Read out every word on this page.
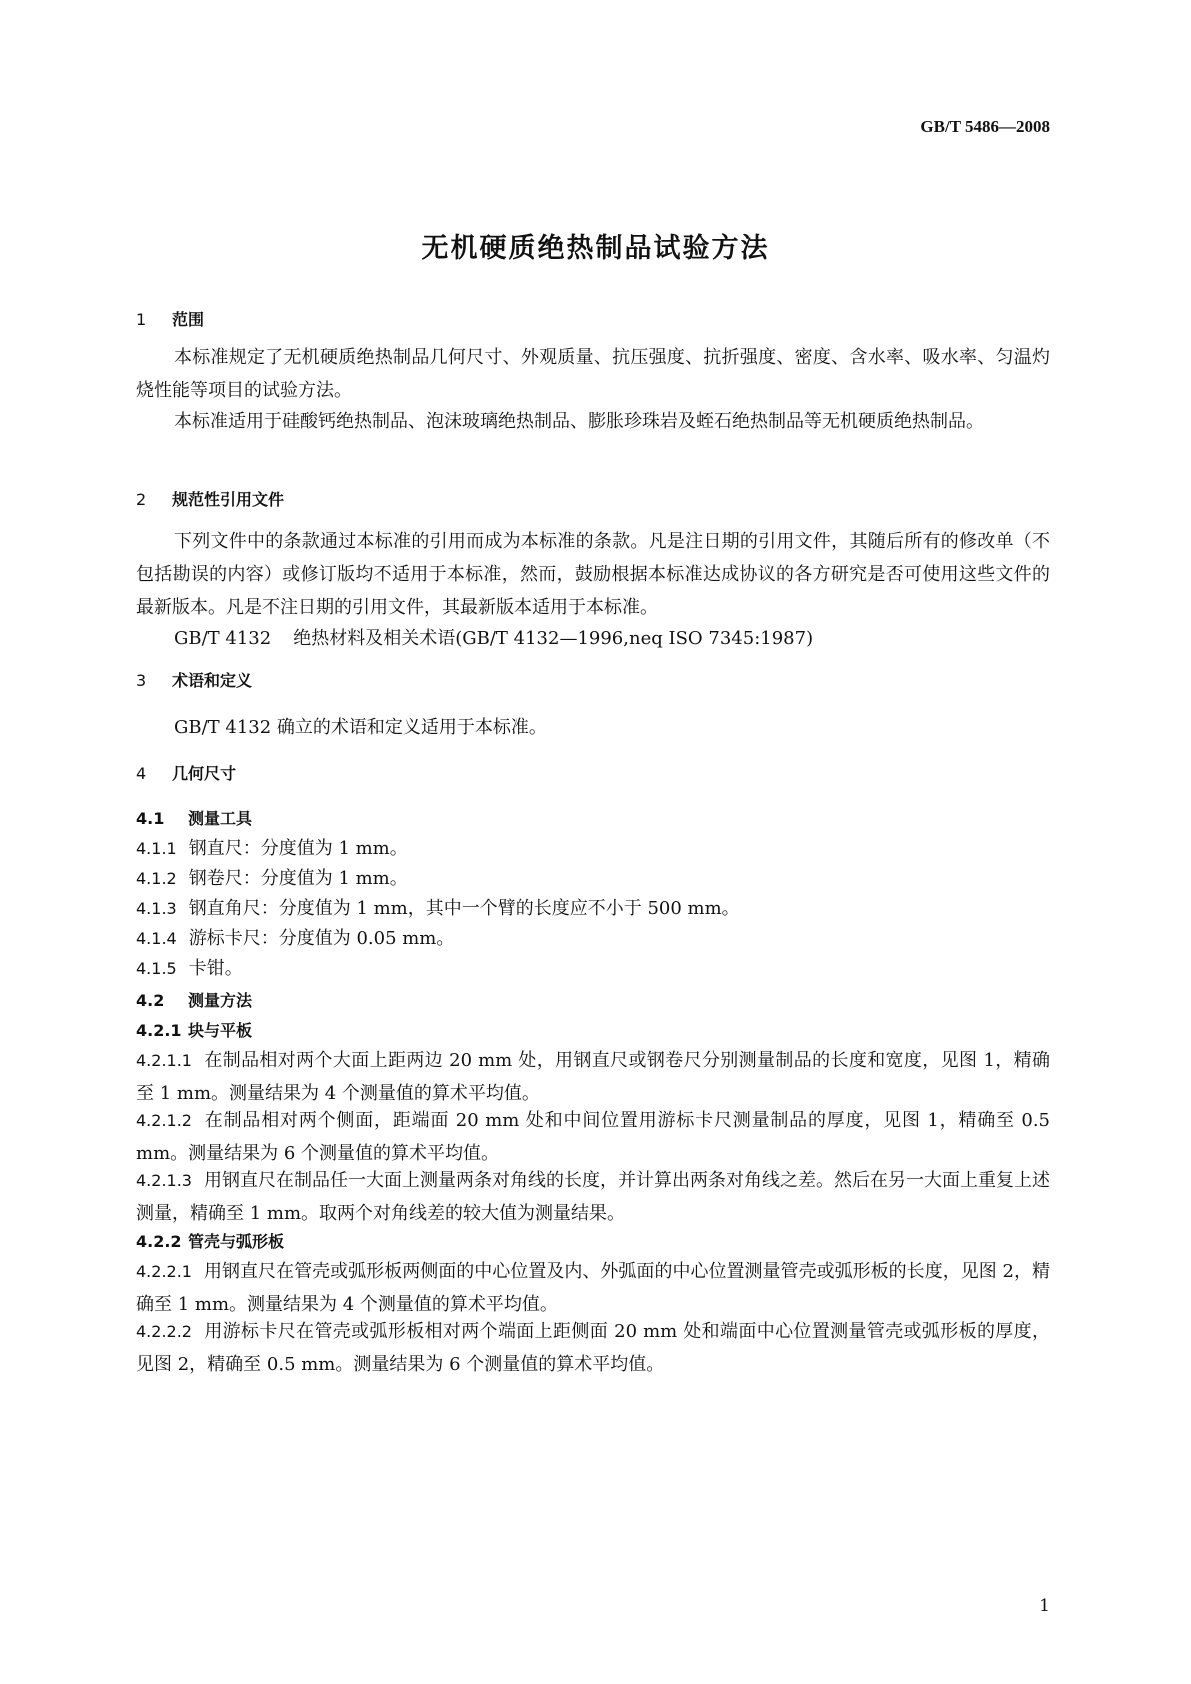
GB/T 5486—2008
无机硬质绝热制品试验方法
1 范围
本标准规定了无机硬质绝热制品几何尺寸、外观质量、抗压强度、抗折强度、密度、含水率、吸水率、匀温灼烧性能等项目的试验方法。
本标准适用于硅酸钙绝热制品、泡沫玻璃绝热制品、膨胀珍珠岩及蛭石绝热制品等无机硬质绝热制品。
2 规范性引用文件
下列文件中的条款通过本标准的引用而成为本标准的条款。凡是注日期的引用文件，其随后所有的修改单（不包括勘误的内容）或修订版均不适用于本标准，然而，鼓励根据本标准达成协议的各方研究是否可使用这些文件的最新版本。凡是不注日期的引用文件，其最新版本适用于本标准。
GB/T 4132 绝热材料及相关术语(GB/T 4132—1996,neq ISO 7345:1987)
3 术语和定义
GB/T 4132 确立的术语和定义适用于本标准。
4 几何尺寸
4.1 测量工具
4.1.1 钢直尺：分度值为 1 mm。
4.1.2 钢卷尺：分度值为 1 mm。
4.1.3 钢直角尺：分度值为 1 mm，其中一个臂的长度应不小于 500 mm。
4.1.4 游标卡尺：分度值为 0.05 mm。
4.1.5 卡钳。
4.2 测量方法
4.2.1 块与平板
4.2.1.1 在制品相对两个大面上距两边 20 mm 处，用钢直尺或钢卷尺分别测量制品的长度和宽度，见图 1，精确至 1 mm。测量结果为 4 个测量值的算术平均值。
4.2.1.2 在制品相对两个侧面，距端面 20 mm 处和中间位置用游标卡尺测量制品的厚度，见图 1，精确至 0.5 mm。测量结果为 6 个测量值的算术平均值。
4.2.1.3 用钢直尺在制品任一大面上测量两条对角线的长度，并计算出两条对角线之差。然后在另一大面上重复上述测量，精确至 1 mm。取两个对角线差的较大值为测量结果。
4.2.2 管壳与弧形板
4.2.2.1 用钢直尺在管壳或弧形板两侧面的中心位置及内、外弧面的中心位置测量管壳或弧形板的长度，见图 2，精确至 1 mm。测量结果为 4 个测量值的算术平均值。
4.2.2.2 用游标卡尺在管壳或弧形板相对两个端面上距侧面 20 mm 处和端面中心位置测量管壳或弧形板的厚度，见图 2，精确至 0.5 mm。测量结果为 6 个测量值的算术平均值。
1
